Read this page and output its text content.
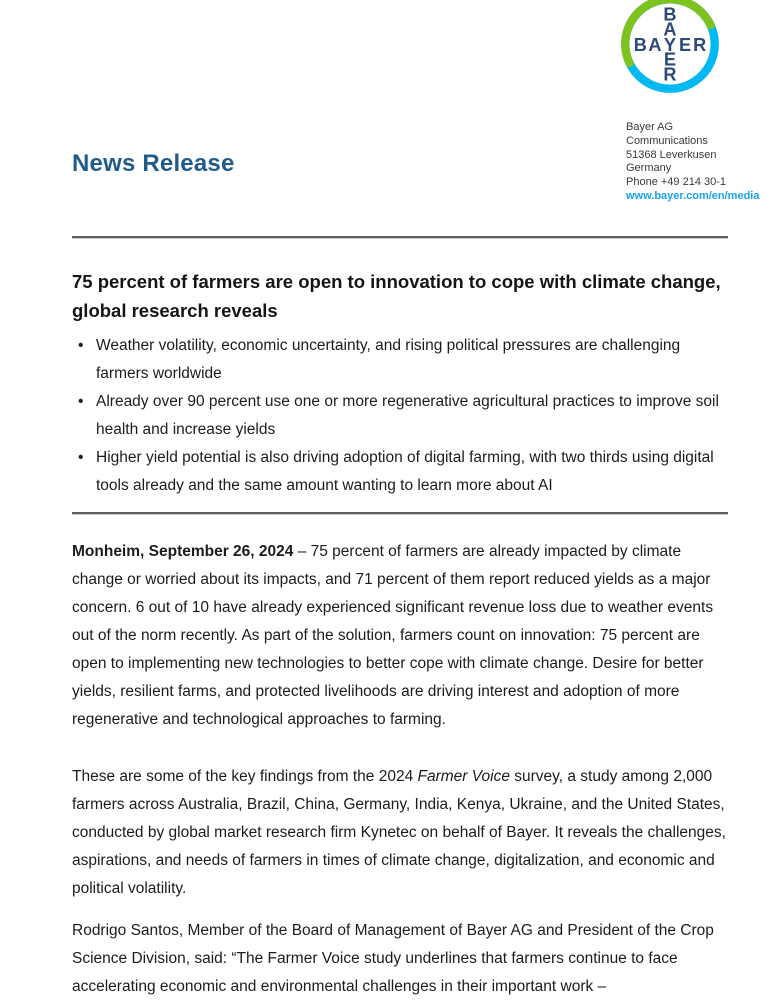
B
A
R
E
B A Y E R
Bayer AG
Communications
51368 Leverkusen
Germany
Phone +49 214 30-1
www.bayer.com/en/media
News Release
75 percent of farmers are open to innovation to cope with climate change, global research reveals
• Weather volatility, economic uncertainty, and rising political pressures are challenging farmers worldwide
• Already over 90 percent use one or more regenerative agricultural practices to improve soil health and increase yields
• Higher yield potential is also driving adoption of digital farming, with two thirds using digital tools already and the same amount wanting to learn more about AI

Monheim, September 26, 2024 – 75 percent of farmers are already impacted by climate change or worried about its impacts, and 71 percent of them report reduced yields as a major concern. 6 out of 10 have already experienced significant revenue loss due to weather events out of the norm recently. As part of the solution, farmers count on innovation: 75 percent are open to implementing new technologies to better cope with climate change. Desire for better yields, resilient farms, and protected livelihoods are driving interest and adoption of more regenerative and technological approaches to farming.

These are some of the key findings from the 2024 Farmer Voice survey, a study among 2,000 farmers across Australia, Brazil, China, Germany, India, Kenya, Ukraine, and the United States, conducted by global market research firm Kynetec on behalf of Bayer. It reveals the challenges, aspirations, and needs of farmers in times of climate change, digitalization, and economic and political volatility.

Rodrigo Santos, Member of the Board of Management of Bayer AG and President of the Crop Science Division, said: “The Farmer Voice study underlines that farmers continue to face accelerating economic and environmental challenges in their important work –
